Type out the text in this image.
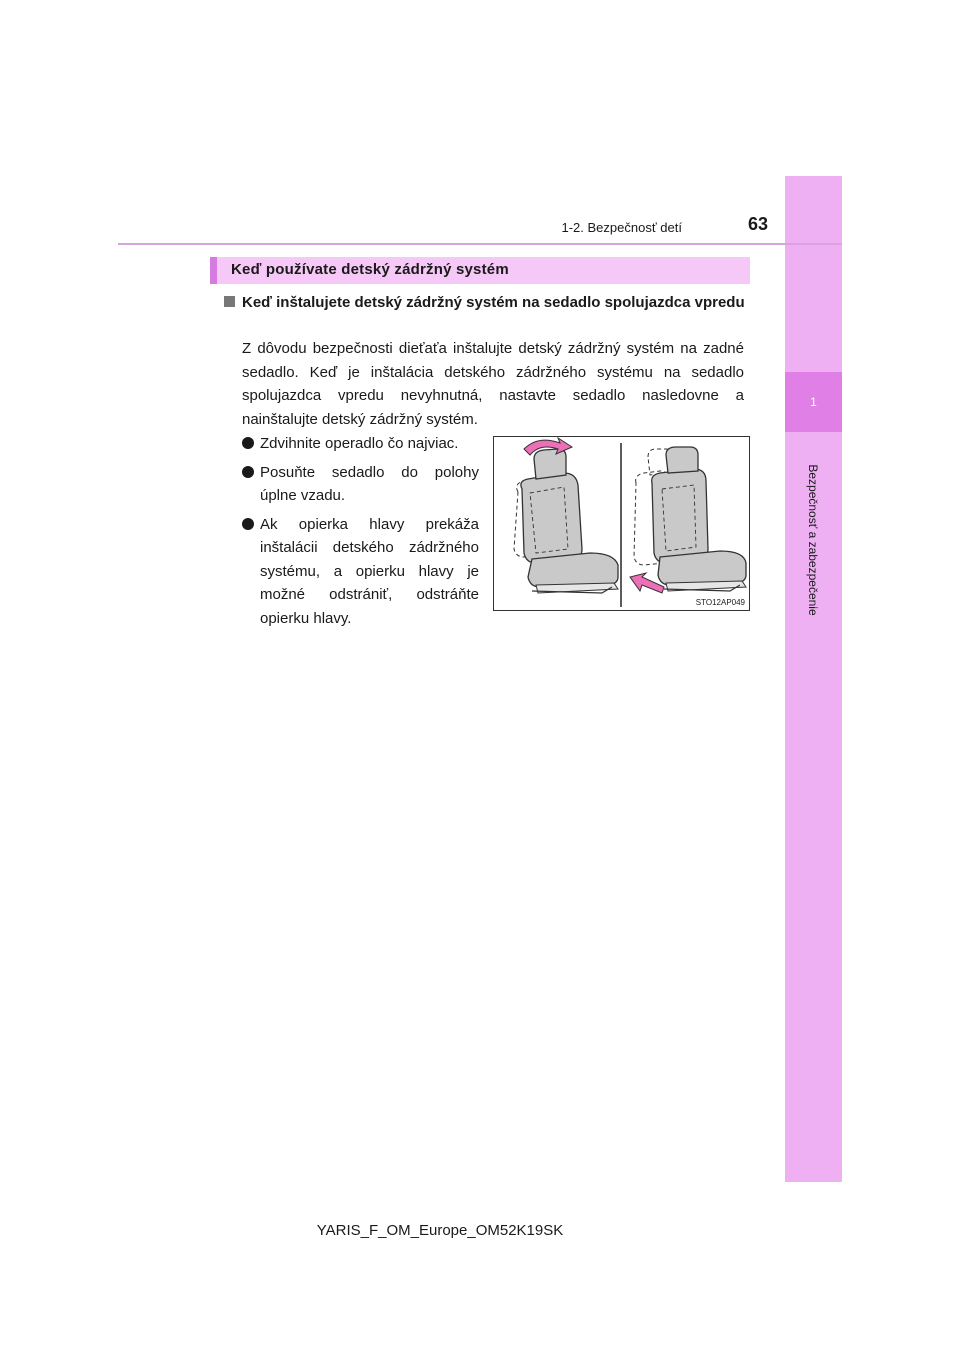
1
Bezpečnosť a zabezpečenie
1-2. Bezpečnosť detí	63
Keď používate detský zádržný systém
Keď inštalujete detský zádržný systém na sedadlo spolujazdca vpredu
Z dôvodu bezpečnosti dieťaťa inštalujte detský zádržný systém na zadné sedadlo. Keď je inštalácia detského zádržného systému na sedadlo spolujazdca vpredu nevyhnutná, nastavte sedadlo nasledovne a nainštalujte detský zádržný systém.
Zdvihnite operadlo čo najviac.
Posuňte sedadlo do polohy úplne vzadu.
Ak opierka hlavy prekáža inštalácii detského zádržného systému, a opierku hlavy je možné odstrániť, odstráňte opierku hlavy.
STO12AP049
YARIS_F_OM_Europe_OM52K19SK
